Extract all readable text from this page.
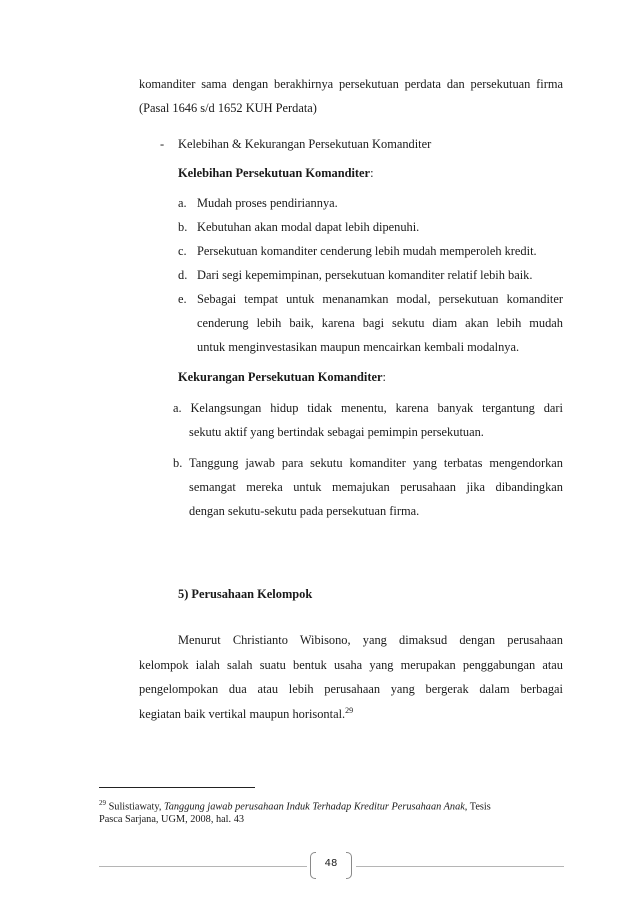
komanditer sama dengan berakhirnya persekutuan perdata dan persekutuan firma
(Pasal 1646 s/d 1652 KUH Perdata)
- Kelebihan & Kekurangan Persekutuan Komanditer
Kelebihan Persekutuan Komanditer:
a. Mudah proses pendiriannya.
b. Kebutuhan akan modal dapat lebih dipenuhi.
c. Persekutuan komanditer cenderung lebih mudah memperoleh kredit.
d. Dari segi kepemimpinan, persekutuan komanditer relatif lebih baik.
e. Sebagai tempat untuk menanamkan modal, persekutuan komanditer
cenderung lebih baik, karena bagi sekutu diam akan lebih mudah
untuk menginvestasikan maupun mencairkan kembali modalnya.
Kekurangan Persekutuan Komanditer:
a. Kelangsungan hidup tidak menentu, karena banyak tergantung dari
sekutu aktif yang bertindak sebagai pemimpin persekutuan.
b. Tanggung jawab para sekutu komanditer yang terbatas mengendorkan
semangat mereka untuk memajukan perusahaan jika dibandingkan
dengan sekutu-sekutu pada persekutuan firma.
5) Perusahaan Kelompok
Menurut Christianto Wibisono, yang dimaksud dengan perusahaan
kelompok ialah salah suatu bentuk usaha yang merupakan penggabungan atau
pengelompokan dua atau lebih perusahaan yang bergerak dalam berbagai
kegiatan baik vertikal maupun horisontal.$^{29}$
$^{29}$ Sulistiawaty, Tanggung jawab perusahaan Induk Terhadap Kreditur Perusahaan Anak, Tesis
Pasca Sarjana, UGM, 2008, hal. 43
48
